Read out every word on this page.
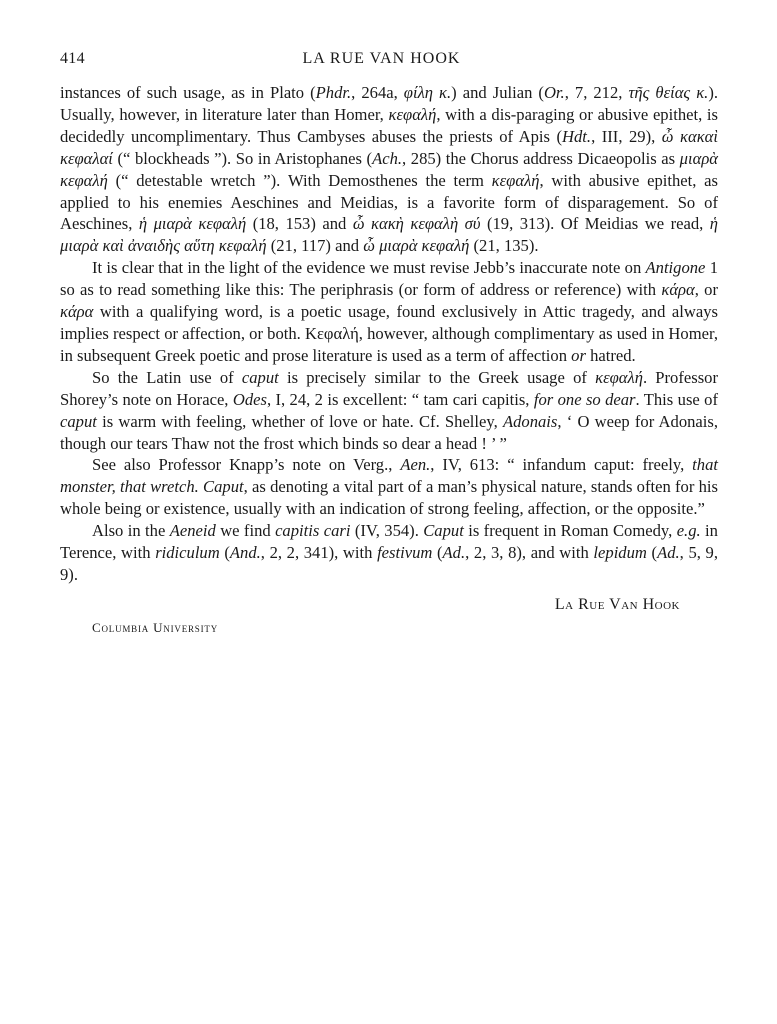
414	LA RUE VAN HOOK

instances of such usage, as in Plato (Phdr., 264a, φίλη κ.) and Julian (Or., 7, 212, τῆς θείας κ.). Usually, however, in literature later than Homer, κεφαλή, with a dis-paraging or abusive epithet, is decidedly uncomplimentary. Thus Cambyses abuses the priests of Apis (Hdt., III, 29), ὦ κακαὶ κεφαλαί (“ blockheads ”). So in Aristophanes (Ach., 285) the Chorus address Dicaeopolis as μιαρὰ κεφαλή (“ detestable wretch ”). With Demosthenes the term κεφαλή, with abusive epithet, as applied to his enemies Aeschines and Meidias, is a favorite form of disparagement. So of Aeschines, ἡ μιαρὰ κεφαλή (18, 153) and ὦ κακὴ κεφαλὴ σύ (19, 313). Of Meidias we read, ἡ μιαρὰ καὶ ἀναιδὴς αὕτη κεφαλή (21, 117) and ὦ μιαρὰ κεφαλή (21, 135).

It is clear that in the light of the evidence we must revise Jebb’s inaccurate note on Antigone 1 so as to read something like this: The periphrasis (or form of address or reference) with κάρα, or κάρα with a qualifying word, is a poetic usage, found exclusively in Attic tragedy, and always implies respect or affection, or both. Κεφαλή, however, although complimentary as used in Homer, in subsequent Greek poetic and prose literature is used as a term of affection or hatred.

So the Latin use of caput is precisely similar to the Greek usage of κεφαλή. Professor Shorey’s note on Horace, Odes, I, 24, 2 is excellent: “ tam cari capitis, for one so dear. This use of caput is warm with feeling, whether of love or hate. Cf. Shelley, Adonais, ‘ O weep for Adonais, though our tears Thaw not the frost which binds so dear a head ! ’ ”

See also Professor Knapp’s note on Verg., Aen., IV, 613: “ infandum caput: freely, that monster, that wretch. Caput, as denoting a vital part of a man’s physical nature, stands often for his whole being or existence, usually with an indication of strong feeling, affection, or the opposite.”

Also in the Aeneid we find capitis cari (IV, 354). Caput is frequent in Roman Comedy, e.g. in Terence, with ridiculum (And., 2, 2, 341), with festivum (Ad., 2, 3, 8), and with lepidum (Ad., 5, 9, 9).

La Rue Van Hook
Columbia University
